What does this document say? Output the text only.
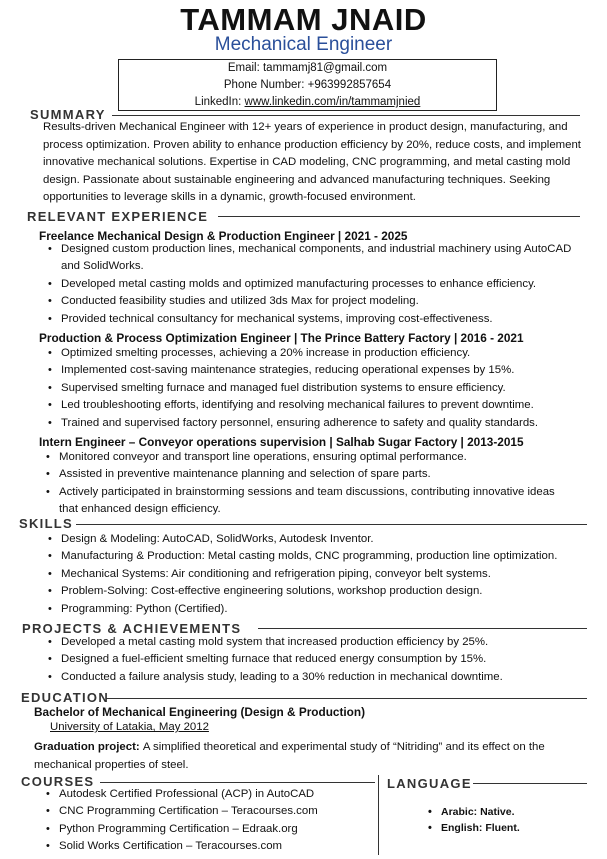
TAMMAM JNAID
Mechanical Engineer
Email: tammamj81@gmail.com
Phone Number: +963992857654
LinkedIn: www.linkedin.com/in/tammamjnied
SUMMARY
Results-driven Mechanical Engineer with 12+ years of experience in product design, manufacturing, and process optimization. Proven ability to enhance production efficiency by 20%, reduce costs, and implement innovative mechanical solutions. Expertise in CAD modeling, CNC programming, and metal casting mold design. Passionate about sustainable engineering and advanced manufacturing techniques. Seeking opportunities to leverage skills in a dynamic, growth-focused environment.
RELEVANT EXPERIENCE
Freelance Mechanical Design & Production Engineer | 2021 - 2025
• Designed custom production lines, mechanical components, and industrial machinery using AutoCAD and SolidWorks.
• Developed metal casting molds and optimized manufacturing processes to enhance efficiency.
• Conducted feasibility studies and utilized 3ds Max for project modeling.
• Provided technical consultancy for mechanical systems, improving cost-effectiveness.
Production & Process Optimization Engineer | The Prince Battery Factory | 2016 - 2021
• Optimized smelting processes, achieving a 20% increase in production efficiency.
• Implemented cost-saving maintenance strategies, reducing operational expenses by 15%.
• Supervised smelting furnace and managed fuel distribution systems to ensure efficiency.
• Led troubleshooting efforts, identifying and resolving mechanical failures to prevent downtime.
• Trained and supervised factory personnel, ensuring adherence to safety and quality standards.
Intern Engineer – Conveyor operations supervision | Salhab Sugar Factory | 2013-2015
• Monitored conveyor and transport line operations, ensuring optimal performance.
• Assisted in preventive maintenance planning and selection of spare parts.
• Actively participated in brainstorming sessions and team discussions, contributing innovative ideas that enhanced design efficiency.
SKILLS
• Design & Modeling: AutoCAD, SolidWorks, Autodesk Inventor.
• Manufacturing & Production: Metal casting molds, CNC programming, production line optimization.
• Mechanical Systems: Air conditioning and refrigeration piping, conveyor belt systems.
• Problem-Solving: Cost-effective engineering solutions, workshop production design.
• Programming: Python (Certified).
PROJECTS & ACHIEVEMENTS
• Developed a metal casting mold system that increased production efficiency by 25%.
• Designed a fuel-efficient smelting furnace that reduced energy consumption by 15%.
• Conducted a failure analysis study, leading to a 30% reduction in mechanical downtime.
EDUCATION
Bachelor of Mechanical Engineering (Design & Production)
University of Latakia, May 2012
Graduation project: A simplified theoretical and experimental study of “Nitriding” and its effect on the mechanical properties of steel.
COURSES
• Autodesk Certified Professional (ACP) in AutoCAD
• CNC Programming Certification – Teracourses.com
• Python Programming Certification – Edraak.org
• Solid Works Certification – Teracourses.com
LANGUAGE
• Arabic: Native.
• English: Fluent.
